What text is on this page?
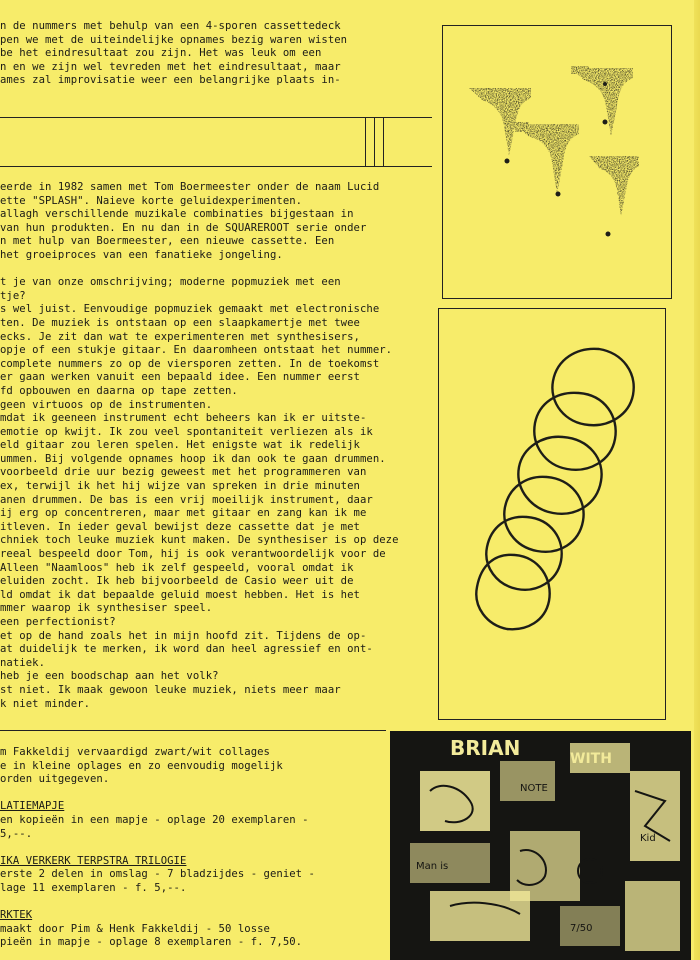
n de nummers met behulp van een 4-sporen cassettedeck
pen we met de uiteindelijke opnames bezig waren wisten
be het eindresultaat zou zijn. Het was leuk om een
n en we zijn wel tevreden met het eindresultaat, maar
ames zal improvisatie weer een belangrijke plaats in-
eerde in 1982 samen met Tom Boermeester onder de naam Lucid
ette "SPLASH". Naieve korte geluidexperimenten.
allagh verschillende muzikale combinaties bijgestaan in
van hun produkten. En nu dan in de SQUAREROOT serie onder
n met hulp van Boermeester, een nieuwe cassette. Een
het groeiproces van een fanatieke jongeling.

t je van onze omschrijving; moderne popmuziek met een
tje?
s wel juist. Eenvoudige popmuziek gemaakt met electronische
ten. De muziek is ontstaan op een slaapkamertje met twee
ecks. Je zit dan wat te experimenteren met synthesisers,
opje of een stukje gitaar. En daaromheen ontstaat het nummer.
complete nummers zo op de viersporen zetten. In de toekomst
er gaan werken vanuit een bepaald idee. Een nummer eerst
fd opbouwen en daarna op tape zetten.
geen virtuoos op de instrumenten.
mdat ik geeneen instrument echt beheers kan ik er uitste-
emotie op kwijt. Ik zou veel spontaniteit verliezen als ik
eld gitaar zou leren spelen. Het enigste wat ik redelijk
ummen. Bij volgende opnames hoop ik dan ook te gaan drummen.
voorbeeld drie uur bezig geweest met het programmeren van
ex, terwijl ik het hij wijze van spreken in drie minuten
anen drummen. De bas is een vrij moeilijk instrument, daar
ij erg op concentreren, maar met gitaar en zang kan ik me
itleven. In ieder geval bewijst deze cassette dat je met
chniek toch leuke muziek kunt maken. De synthesiser is op deze
reeal bespeeld door Tom, hij is ook verantwoordelijk voor de
Alleen "Naamloos" heb ik zelf gespeeld, vooral omdat ik
eluiden zocht. Ik heb bijvoorbeeld de Casio weer uit de
ld omdat ik dat bepaalde geluid moest hebben. Het is het
mmer waarop ik synthesiser speel.
een perfectionist?
et op de hand zoals het in mijn hoofd zit. Tijdens de op-
at duidelijk te merken, ik word dan heel agressief en ont-
natiek.
heb je een boodschap aan het volk?
st niet. Ik maak gewoon leuke muziek, niets meer maar
k niet minder.
m Fakkeldij vervaardigd zwart/wit collages
e in kleine oplages en zo eenvoudig mogelijk
orden uitgegeven.

LATIEMAPJE
en kopieën in een mapje - oplage 20 exemplaren -
5,--.

IKA VERKERK TERPSTRA TRILOGIE
erste 2 delen in omslag - 7 bladzijdes - geniet -
lage 11 exemplaren - f. 5,--.

RKTEK
maakt door Pim & Henk Fakkeldij - 50 losse
pieën in mapje - oplage 8 exemplaren - f. 7,50.
BRIAN	WITH
Man is
Kid
NOTE
7/50
